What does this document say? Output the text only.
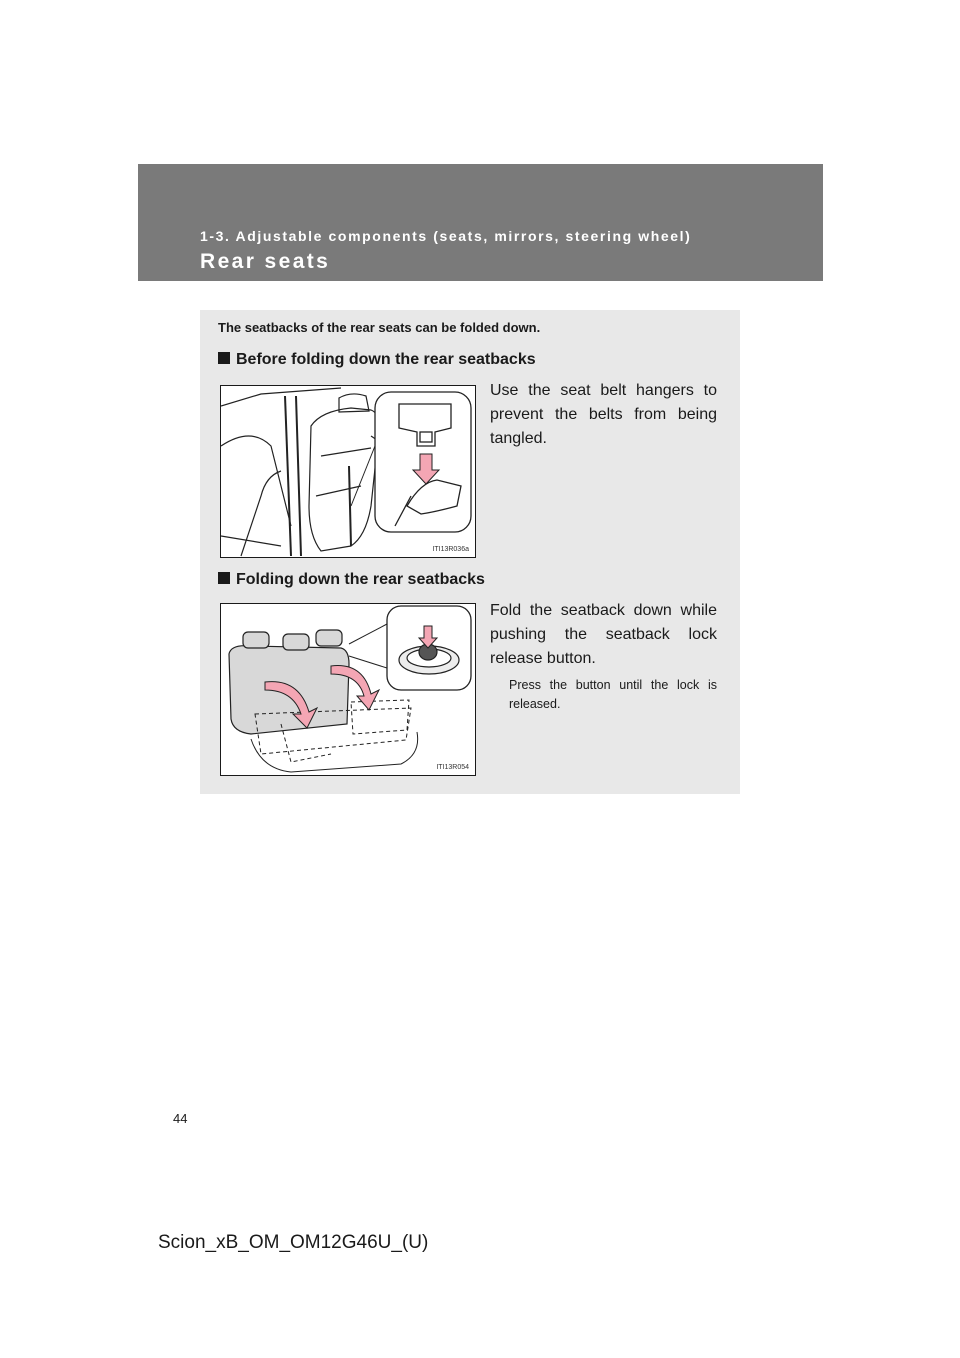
1-3. Adjustable components (seats, mirrors, steering wheel)
Rear seats
The seatbacks of the rear seats can be folded down.
Before folding down the rear seatbacks
Use the seat belt hangers to prevent the belts from being tangled.
ITI13R036a
Folding down the rear seatbacks
Fold the seatback down while pushing the seatback lock release button.
Press the button until the lock is released.
ITI13R054
44
Scion_xB_OM_OM12G46U_(U)
